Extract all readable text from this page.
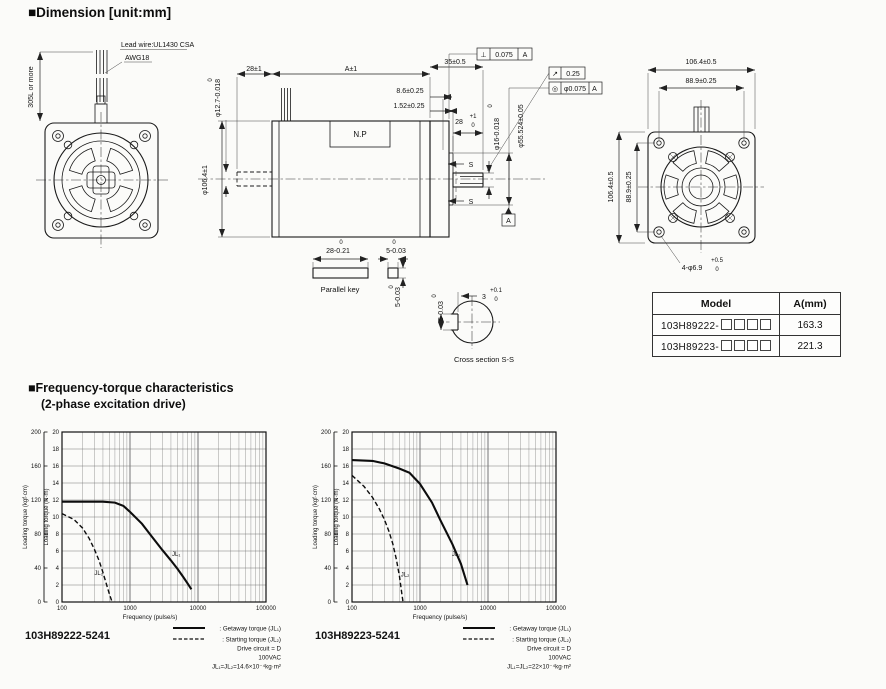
■Dimension [unit:mm]
■Frequency-torque characteristics
(2-phase excitation drive)
Lead wire:UL1430 CSA
AWG18
305L or more	28±1	A±1
35±0.5
8.6±0.25
1.52±0.25
N.P
0 φ12.7-0.018
φ106.4±1
28
+1
0
0
φ16-0.018 φ55.524±0.05
S
S
A
⊥ 0.075 A
↗ 0.25
◎ φ0.075 A
0
28-0.21
0
5-0.03
0
5-0.03
Parallel key
0
5-0.03
3
+0.1
0
Cross section S-S
106.4±0.5
88.9±0.25
106.4±0.5 88.9±0.25
4-φ6.9
+0.5
0
0
2
4
6
8
10
12
14
16
18
20
0
40
80
120
160
200
Loading torque (kgf·cm)	Loading torque (N·m)
100	1000	10000	100000
Frequency (pulse/s)
JL₁
JL₂
103H89222-5241
: Getaway torque (JL₁)
: Starting torque (JL₂)
Drive circuit = D
100VAC
JL₁=JL₂=14.6×10⁻⁴kg·m²
0
2
4
6
8
10
12
14
16
18
20
0
40
80
120
160
200
Loading torque (kgf·cm)	Loading torque (N·m)
100	1000	10000	100000
Frequency (pulse/s)
JL₁
JL₂
103H89223-5241
: Getaway torque (JL₁)
: Starting torque (JL₂)
Drive circuit = D
100VAC
JL₁=JL₂=22×10⁻⁴kg·m²
Model	A(mm)
103H89222-	163.3
103H89223-	221.3
